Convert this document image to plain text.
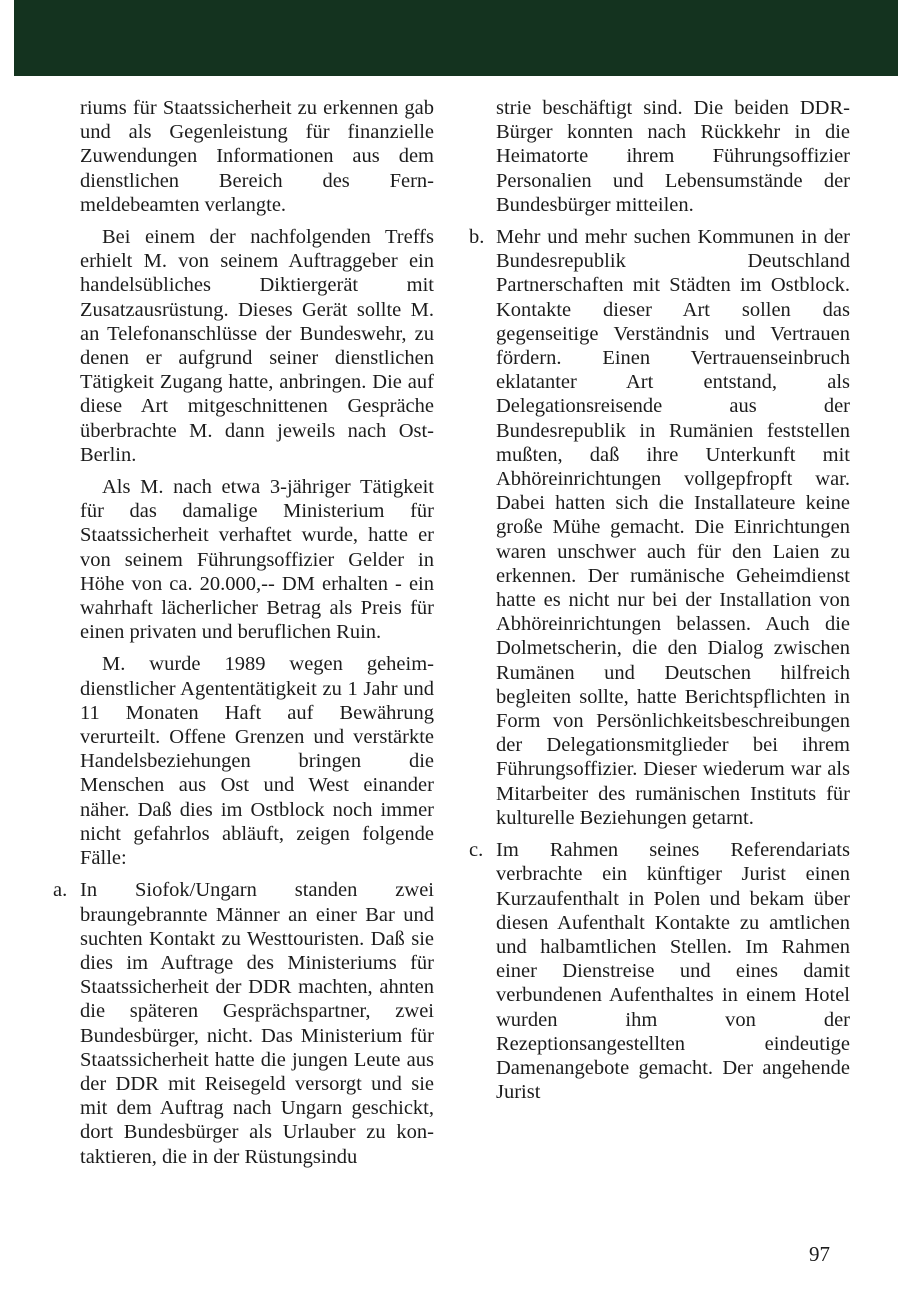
riums für Staatssicherheit zu erkennen gab und als Gegenleistung für finanzielle Zuwendungen Informationen aus dem dienstlichen Bereich des Fernmeldebeamten verlangte.

Bei einem der nachfolgenden Treffs erhielt M. von seinem Auftraggeber ein handelsübliches Diktiergerät mit Zusatzausrüstung. Dieses Gerät sollte M. an Telefonanschlüsse der Bundeswehr, zu denen er aufgrund seiner dienstlichen Tätigkeit Zugang hatte, anbringen. Die auf diese Art mitgeschnittenen Gespräche überbrachte M. dann jeweils nach Ost-Berlin.

Als M. nach etwa 3-jähriger Tätigkeit für das damalige Ministerium für Staatssicherheit verhaftet wurde, hatte er von seinem Führungsoffizier Gelder in Höhe von ca. 20.000,-- DM erhalten - ein wahrhaft lächerlicher Betrag als Preis für einen privaten und beruflichen Ruin.

M. wurde 1989 wegen geheimdienstlicher Agententätigkeit zu 1 Jahr und 11 Monaten Haft auf Bewährung verurteilt. Offene Grenzen und verstärkte Handelsbeziehungen bringen die Menschen aus Ost und West einander näher. Daß dies im Ostblock noch immer nicht gefahrlos abläuft, zeigen folgende Fälle:

a. In Siofok/Ungarn standen zwei braungebrannte Männer an einer Bar und suchten Kontakt zu Westtouristen. Daß sie dies im Auftrage des Ministeriums für Staatssicherheit der DDR machten, ahnten die späteren Gesprächspartner, zwei Bundesbürger, nicht. Das Ministerium für Staatssicherheit hatte die jungen Leute aus der DDR mit Reisegeld versorgt und sie mit dem Auftrag nach Ungarn geschickt, dort Bundesbürger als Urlauber zu kontaktieren, die in der Rüstungsindu

strie beschäftigt sind. Die beiden DDR-Bürger konnten nach Rückkehr in die Heimatorte ihrem Führungsoffizier Personalien und Lebensumstände der Bundesbürger mitteilen.

b. Mehr und mehr suchen Kommunen in der Bundesrepublik Deutschland Partnerschaften mit Städten im Ostblock. Kontakte dieser Art sollen das gegenseitige Verständnis und Vertrauen fördern. Einen Vertrauenseinbruch eklatanter Art entstand, als Delegationsreisende aus der Bundesrepublik in Rumänien feststellen mußten, daß ihre Unterkunft mit Abhöreinrichtungen vollgepfropft war. Dabei hatten sich die Installateure keine große Mühe gemacht. Die Einrichtungen waren unschwer auch für den Laien zu erkennen. Der rumänische Geheimdienst hatte es nicht nur bei der Installation von Abhöreinrichtungen belassen. Auch die Dolmetscherin, die den Dialog zwischen Rumänen und Deutschen hilfreich begleiten sollte, hatte Berichtspflichten in Form von Persönlichkeitsbeschreibungen der Delegationsmitglieder bei ihrem Führungsoffizier. Dieser wiederum war als Mitarbeiter des rumänischen Instituts für kulturelle Beziehungen getarnt.
c. Im Rahmen seines Referendariats verbrachte ein künftiger Jurist einen Kurzaufenthalt in Polen und bekam über diesen Aufenthalt Kontakte zu amtlichen und halbamtlichen Stellen. Im Rahmen einer Dienstreise und eines damit verbundenen Aufenthaltes in einem Hotel wurden ihm von der Rezeptionsangestellten eindeutige Damenangebote gemacht. Der angehende Jurist
97
